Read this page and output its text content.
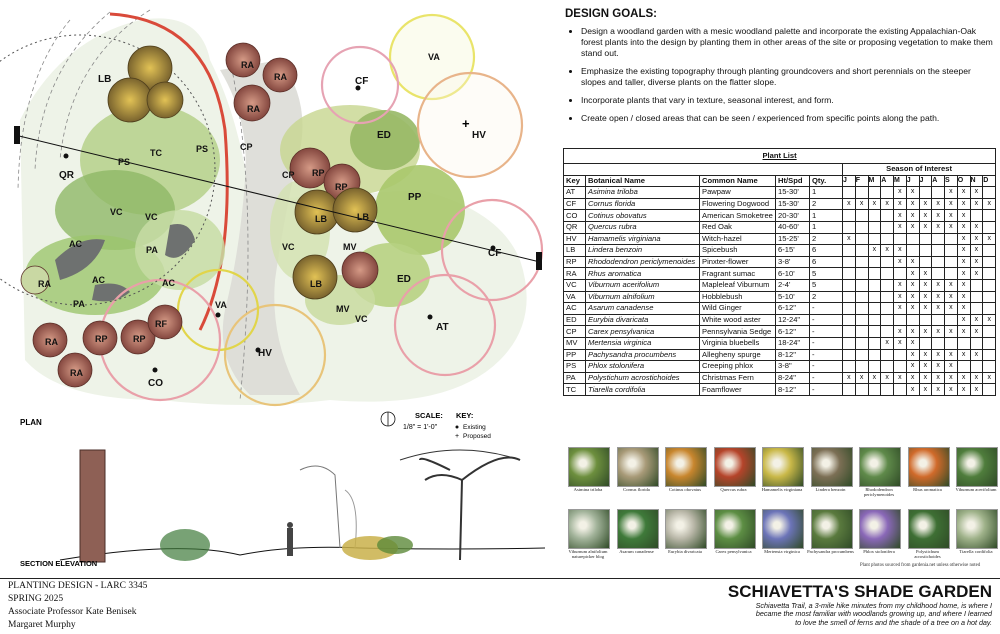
+
LB
PS
TC	PS	CP
RA
RA
RA
CF
VA
ED	HV
CP RP
RP
PP
LB	LB
VC	MV
CF
ED
LB
MV
VC
AT
QR
VC VC
AC
PA
AC	AC
RA
PA
RF
VA
RP	RP
RA
RA
HV
CO
PLAN
SCALE:
1/8" = 1'-0"
KEY:
Existing
+ Proposed
SECTION ELEVATION
DESIGN GOALS:
• Design a woodland garden with a mesic woodland palette and incorporate the existing Appalachian-Oak forest plants into the design by planting them in other areas of the site or proposing vegetation to make them stand out.
• Emphasize the existing topography through planting groundcovers and short perennials on the steeper slopes and taller, diverse plants on the flatter slope.
• Incorporate plants that vary in texture, seasonal interest, and form.
• Create open / closed areas that can be seen / experienced from specific points along the path.
Plant List																
					Season of Interest											
Key	Botanical Name	Common Name	Ht/Spd	Qty.	J	F	M	A	M	J	J	A	S	O	N	D
AT	Asimina triloba	Pawpaw	15-30'	1					x	x			x	x	x	
CF	Cornus florida	Flowering Dogwood	15-30'	2	x	x	x	x	x	x	x	x	x	x	x	x
CO	Cotinus obovatus	American Smoketree	20-30'	1					x	x	x	x	x	x		
QR	Quercus rubra	Red Oak	40-60'	1					x	x	x	x	x	x	x	
HV	Hamamelis virginiana	Witch-hazel	15-25'	2	x									x	x	x
LB	Lindera benzoin	Spicebush	6-15'	6			x	x	x					x	x	
RP	Rhododendron periclymenoides	Pinxter-flower	3-8'	6					x	x				x	x	
RA	Rhus aromatica	Fragrant sumac	6-10'	5						x	x			x	x	
VC	Viburnum acerifolium	Mapleleaf Viburnum	2-4'	5					x	x	x	x	x	x		
VA	Viburnum alnifolium	Hobblebush	5-10'	2					x	x	x	x	x	x		
AC	Asarum canadense	Wild Ginger	6-12"	-					x	x	x	x	x	x		
ED	Eurybia divaricata	White wood aster	12-24"	-										x	x	x
CP	Carex pensylvanica	Pennsylvania Sedge	6-12"	-					x	x	x	x	x	x	x	
MV	Mertensia virginica	Virginia bluebells	18-24"	-				x	x	x						
PP	Pachysandra procumbens	Allegheny spurge	8-12"	-						x	x	x	x	x	x	
PS	Phlox stolonifera	Creeping phlox	3-8"	-						x	x	x	x			
PA	Polystichum acrostichoides	Christmas Fern	8-24"	-	x	x	x	x	x	x	x	x	x	x	x	x
TC	Tiarella cordifolia	Foamflower	8-12"	-						x	x	x	x	x	x	
Asimina triloba	Cornus florida	Cotinus obovatus	Quercus rubra	Hamamelis virginiana	Lindera benzoin	Rhododendron periclymenoides
Rhus aromatica	Viburnum acerifolium
Viburnum alnifolium naturepicker blog
Asarum canadense	Eurybia divaricata	Carex pensylvanica	Mertensia virginica	Pachysandra procumbens	Phlox stolonifera	Polystichum acrostichoides
Tiarella cordifolia
Plant photos sourced from gardenia.net unless otherwise noted
PLANTING DESIGN - LARC 3345
SPRING 2025
Associate Professor Kate Benisek
Margaret Murphy
SCHIAVETTA'S SHADE GARDEN
Schiavetta Trail, a 3-mile hike minutes from my childhood home, is where I became the most familiar with woodlands growing up, and where I learned to love the smell of ferns and the shade of a tree on a hot day.
